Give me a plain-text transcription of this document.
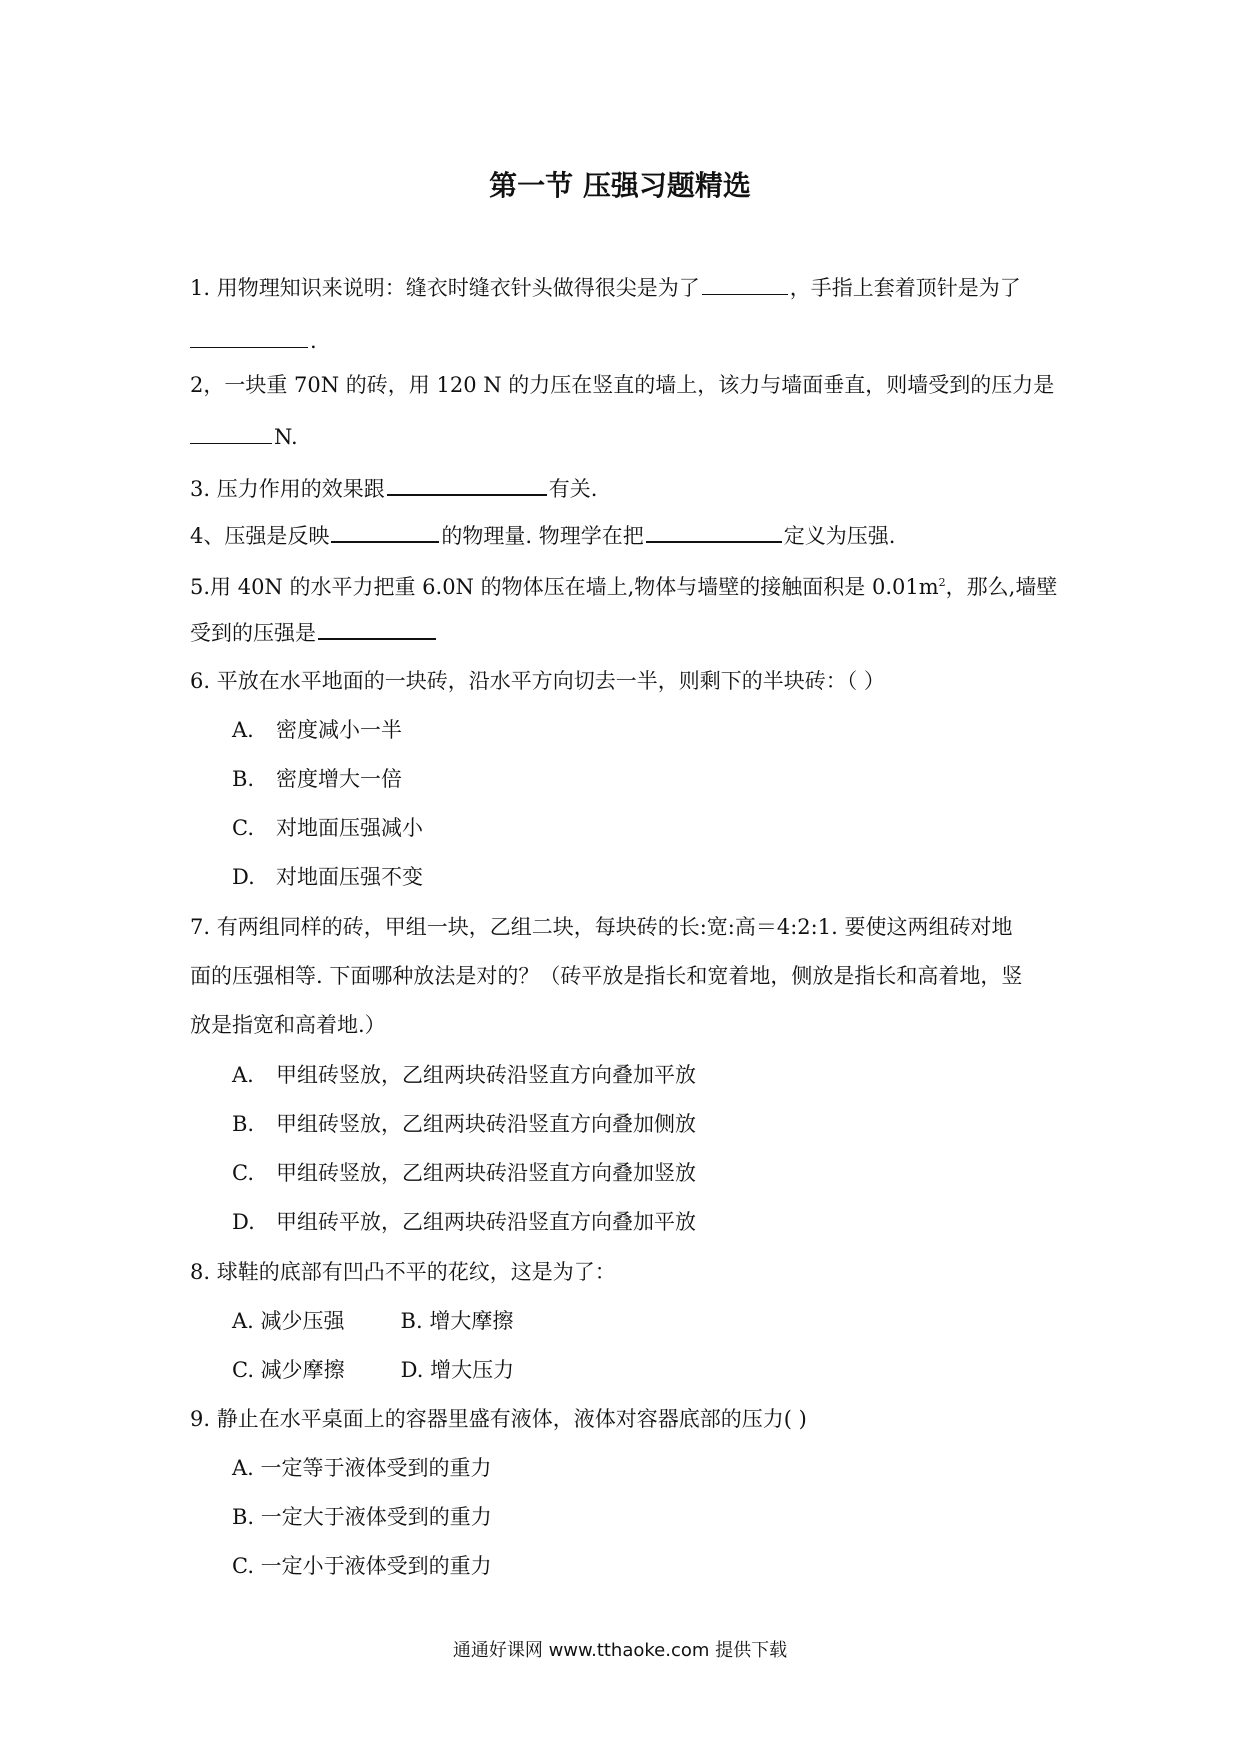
第一节 压强习题精选
1. 用物理知识来说明：缝衣时缝衣针头做得很尖是为了	，手指上套着顶针是为了
.
2，一块重 70N 的砖，用 120 N 的力压在竖直的墙上，该力与墙面垂直，则墙受到的压力是
N.
3. 压力作用的效果跟	有关.
4、压强是反映	的物理量. 物理学在把	定义为压强.
5.用 40N 的水平力把重 6.0N 的物体压在墙上,物体与墙壁的接触面积是 $0.01m^2$，那么,墙壁
受到的压强是
6. 平放在水平地面的一块砖，沿水平方向切去一半，则剩下的半块砖：（ ）
A. 密度减小一半
B. 密度增大一倍
C. 对地面压强减小
D. 对地面压强不变
7. 有两组同样的砖，甲组一块，乙组二块，每块砖的长:宽:高＝4:2:1. 要使这两组砖对地
面的压强相等. 下面哪种放法是对的？（砖平放是指长和宽着地，侧放是指长和高着地，竖
放是指宽和高着地.）
A. 甲组砖竖放，乙组两块砖沿竖直方向叠加平放
B. 甲组砖竖放，乙组两块砖沿竖直方向叠加侧放
C. 甲组砖竖放，乙组两块砖沿竖直方向叠加竖放
D. 甲组砖平放，乙组两块砖沿竖直方向叠加平放
8. 球鞋的底部有凹凸不平的花纹，这是为了：
A. 减少压强	B. 增大摩擦
C. 减少摩擦	D. 增大压力
9. 静止在水平桌面上的容器里盛有液体，液体对容器底部的压力( )
A. 一定等于液体受到的重力
B. 一定大于液体受到的重力
C. 一定小于液体受到的重力
通通好课网 www.tthaoke.com 提供下载
